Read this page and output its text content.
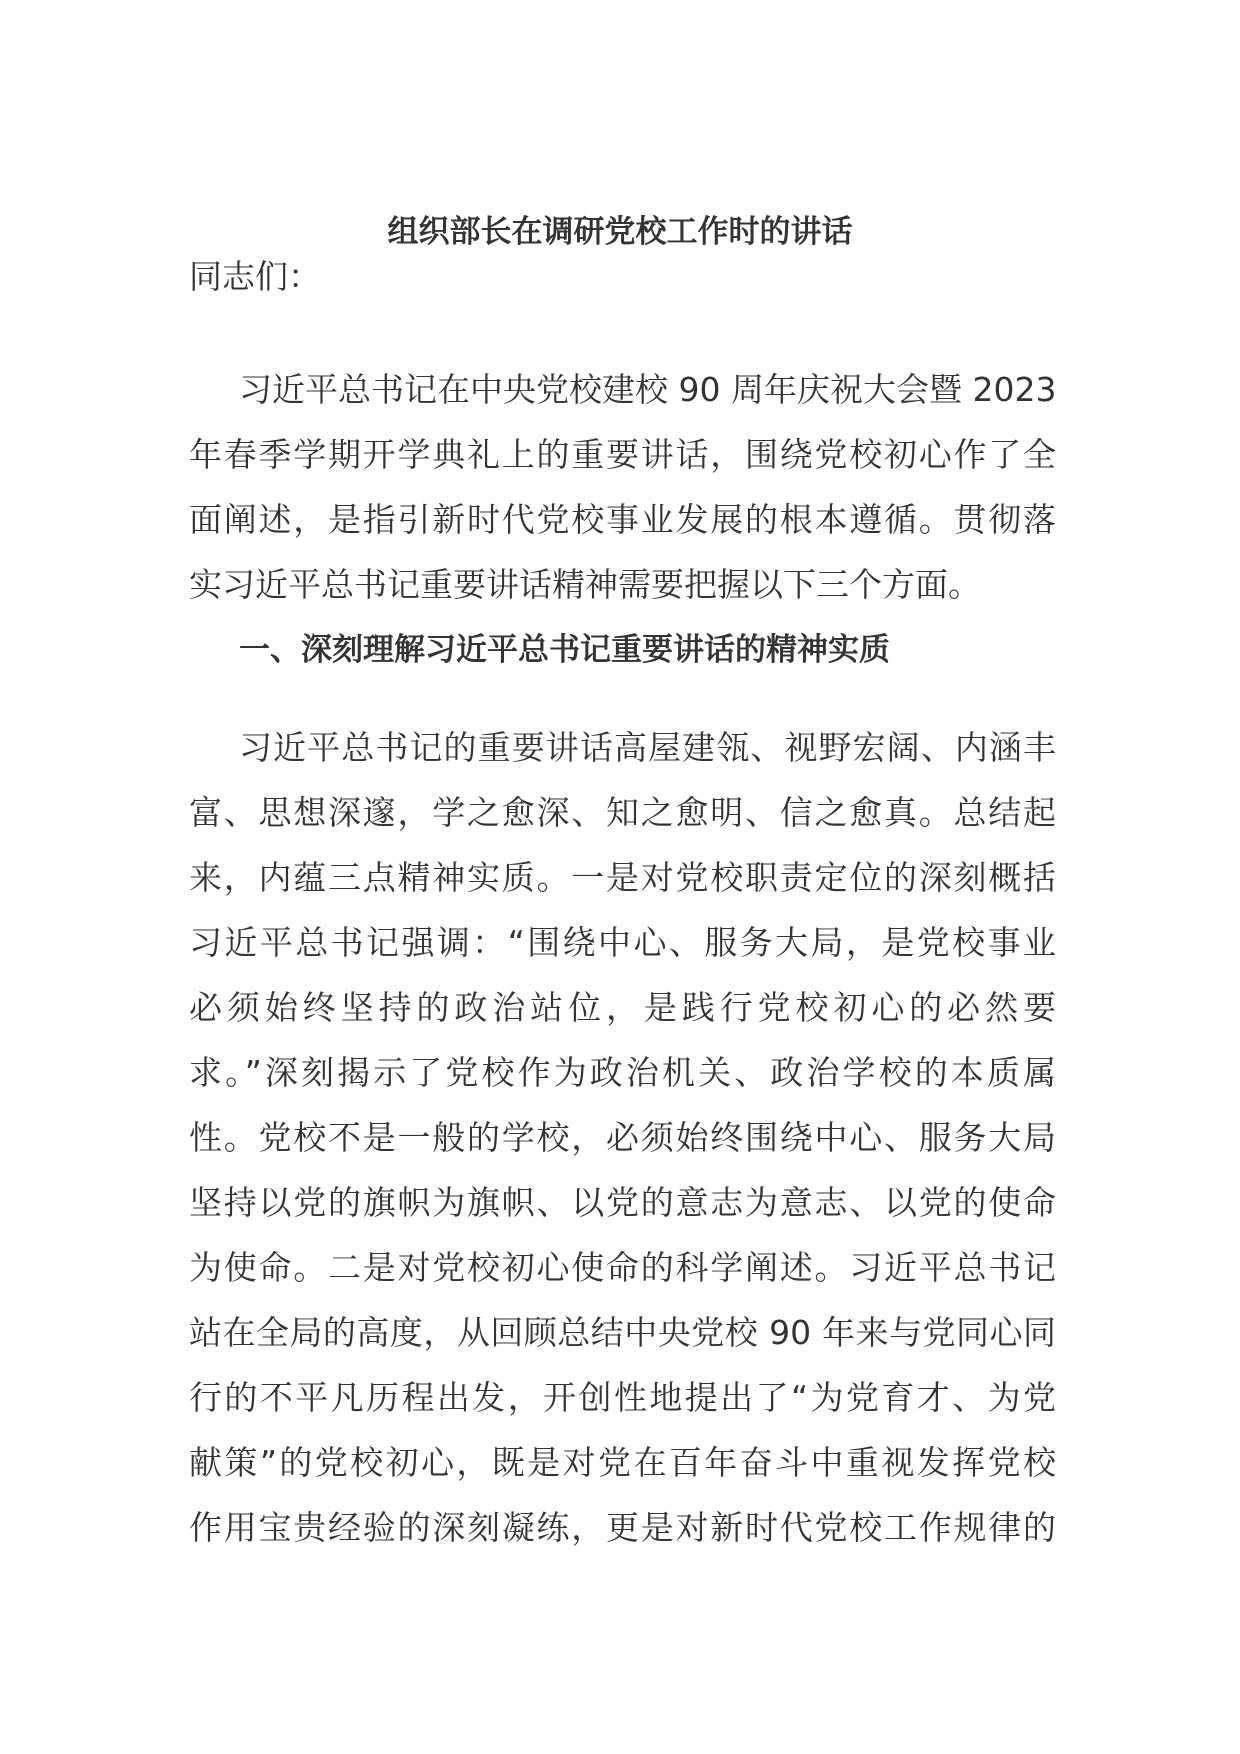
组织部长在调研党校工作时的讲话
同志们：
习近平总书记在中央党校建校 90 周年庆祝大会暨 2023
年春季学期开学典礼上的重要讲话，围绕党校初心作了全
面阐述，是指引新时代党校事业发展的根本遵循。贯彻落
实习近平总书记重要讲话精神需要把握以下三个方面。
一、深刻理解习近平总书记重要讲话的精神实质
习近平总书记的重要讲话高屋建瓴、视野宏阔、内涵丰
富、思想深邃，学之愈深、知之愈明、信之愈真。总结起
来，内蕴三点精神实质。一是对党校职责定位的深刻概括
习近平总书记强调：“围绕中心、服务大局，是党校事业
必须始终坚持的政治站位，是践行党校初心的必然要
求。”深刻揭示了党校作为政治机关、政治学校的本质属
性。党校不是一般的学校，必须始终围绕中心、服务大局
坚持以党的旗帜为旗帜、以党的意志为意志、以党的使命
为使命。二是对党校初心使命的科学阐述。习近平总书记
站在全局的高度，从回顾总结中央党校 90 年来与党同心同
行的不平凡历程出发，开创性地提出了“为党育才、为党
献策”的党校初心，既是对党在百年奋斗中重视发挥党校
作用宝贵经验的深刻凝练，更是对新时代党校工作规律的
